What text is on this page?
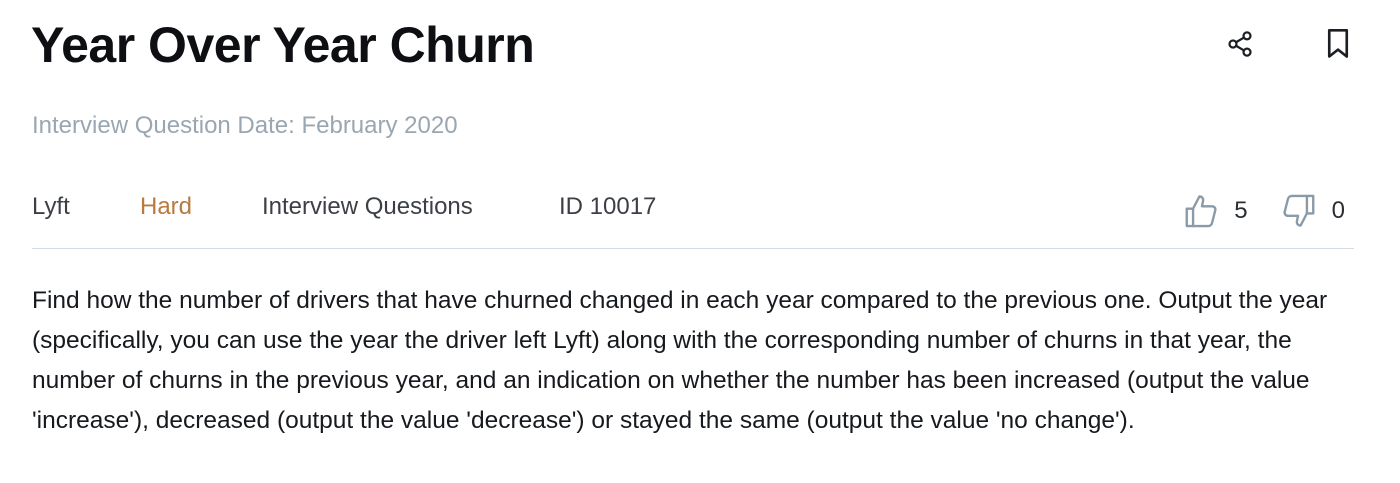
Year Over Year Churn
Interview Question Date: February 2020
Lyft	Hard	Interview Questions	ID 10017	5	0

Find how the number of drivers that have churned changed in each year compared to the previous one. Output the year (specifically, you can use the year the driver left Lyft) along with the corresponding number of churns in that year, the number of churns in the previous year, and an indication on whether the number has been increased (output the value 'increase'), decreased (output the value 'decrease') or stayed the same (output the value 'no change').
